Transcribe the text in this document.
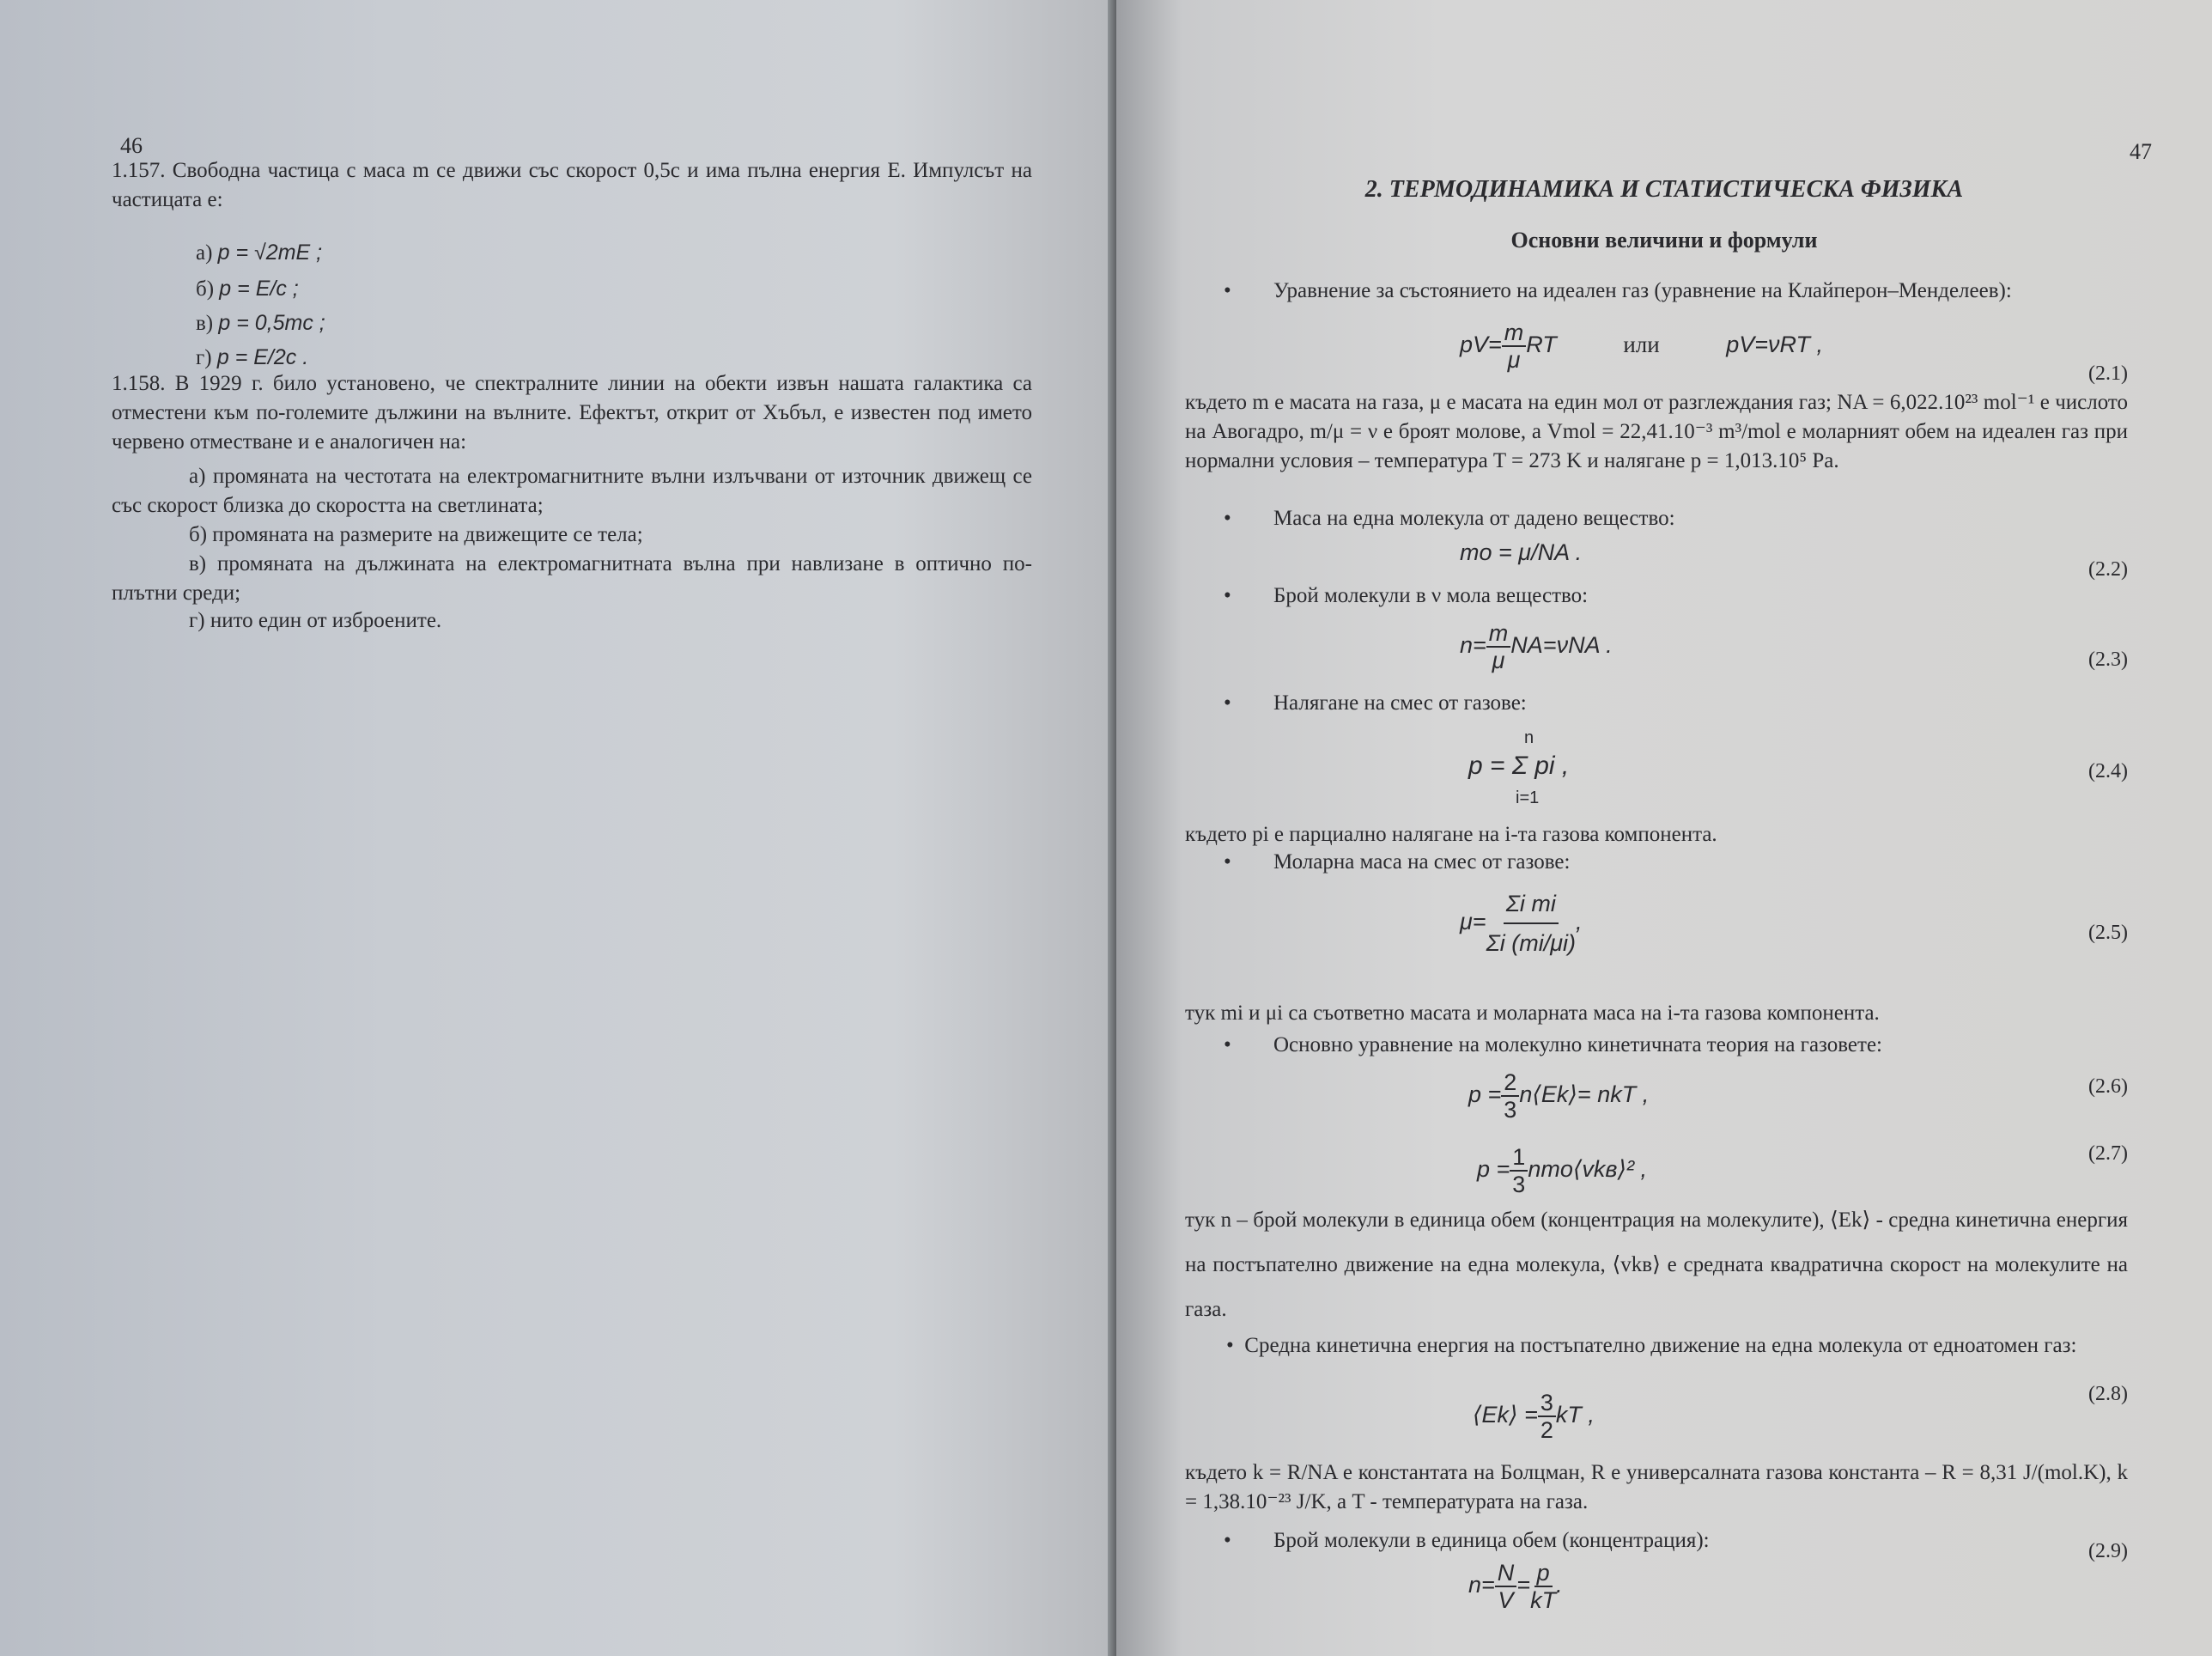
46
1.157. Свободна частица с маса m се движи със скорост 0,5c и има пълна енергия E. Импулсът на частицата е:
а) p = √2mE ;
б) p = E/c ;
в) p = 0,5mc ;
г) p = E/2c .
1.158. В 1929 г. било установено, че спектралните линии на обекти извън нашата галактика са отместени към по-големите дължини на вълните. Ефектът, открит от Хъбъл, е известен под името червено отместване и е аналогичен на:
а) промяната на честотата на електромагнитните вълни излъчвани от източник движещ се със скорост близка до скоростта на светлината;
б) промяната на размерите на движещите се тела;
в) промяната на дължината на електромагнитната вълна при навлизане в оптично по-плътни среди;
г) нито един от изброените.
47
2. ТЕРМОДИНАМИКА И СТАТИСТИЧЕСКА ФИЗИКА
Основни величини и формули
• Уравнение за състоянието на идеален газ (уравнение на Клайперон–Менделеев):
$pV= \frac{m}{\mu}$ RT	или	pV=νRT ,
(2.1)
където m е масата на газа, μ е масата на един мол от разглеждания газ; NA = 6,022.10²³ mol⁻¹ е числото на Авогадро, m/μ = ν е броят молове, а Vmol = 22,41.10⁻³ m³/mol е моларният обем на идеален газ при нормални условия – температура T = 273 K и налягане p = 1,013.10⁵ Pa.
• Маса на една молекула от дадено вещество:
mo = μ/NA .
(2.2)
• Брой молекули в ν мола вещество:
$n= \frac{m}{\mu} NA=\nu NA$ .
(2.3)
• Налягане на смес от газове:
n
p = Σ pi ,
i=1
(2.4)
където pi е парциално налягане на i-та газова компонента.
• Моларна маса на смес от газове:
$\mu= \frac{\text{Σi mi}}{\Sigma i (mi/\mu i)}$ ,	(2.5)
тук mi и μi са съответно масата и моларната маса на i-та газова компонента.
• Основно уравнение на молекулно кинетичната теория на газовете:
$p = \frac{2}{3}$ n⟨Ek⟩= nkT ,	(2.6)
$p = \frac{1}{3}$ nmo⟨vkв⟩² ,
(2.7)
тук n – брой молекули в единица обем (концентрация на молекулите), ⟨Ek⟩ - средна кинетична енергия на постъпателно движение на една молекула, ⟨vkв⟩ е средната квадратична скорост на молекулите на газа.
•  Средна кинетична енергия на постъпателно движение на една молекула от едноатомен газ:
⟨Ek⟩ = $\frac{3}{2}$ kT ,
(2.8)
където k = R/NA е константата на Болцман, R е универсалната газова константа – R = 8,31 J/(mol.K), k = 1,38.10⁻²³ J/K, а T - температурата на газа.
• Брой молекули в единица обем (концентрация):	(2.9)
$n= \frac{N}{V} = \frac{p}{kT}$ .
